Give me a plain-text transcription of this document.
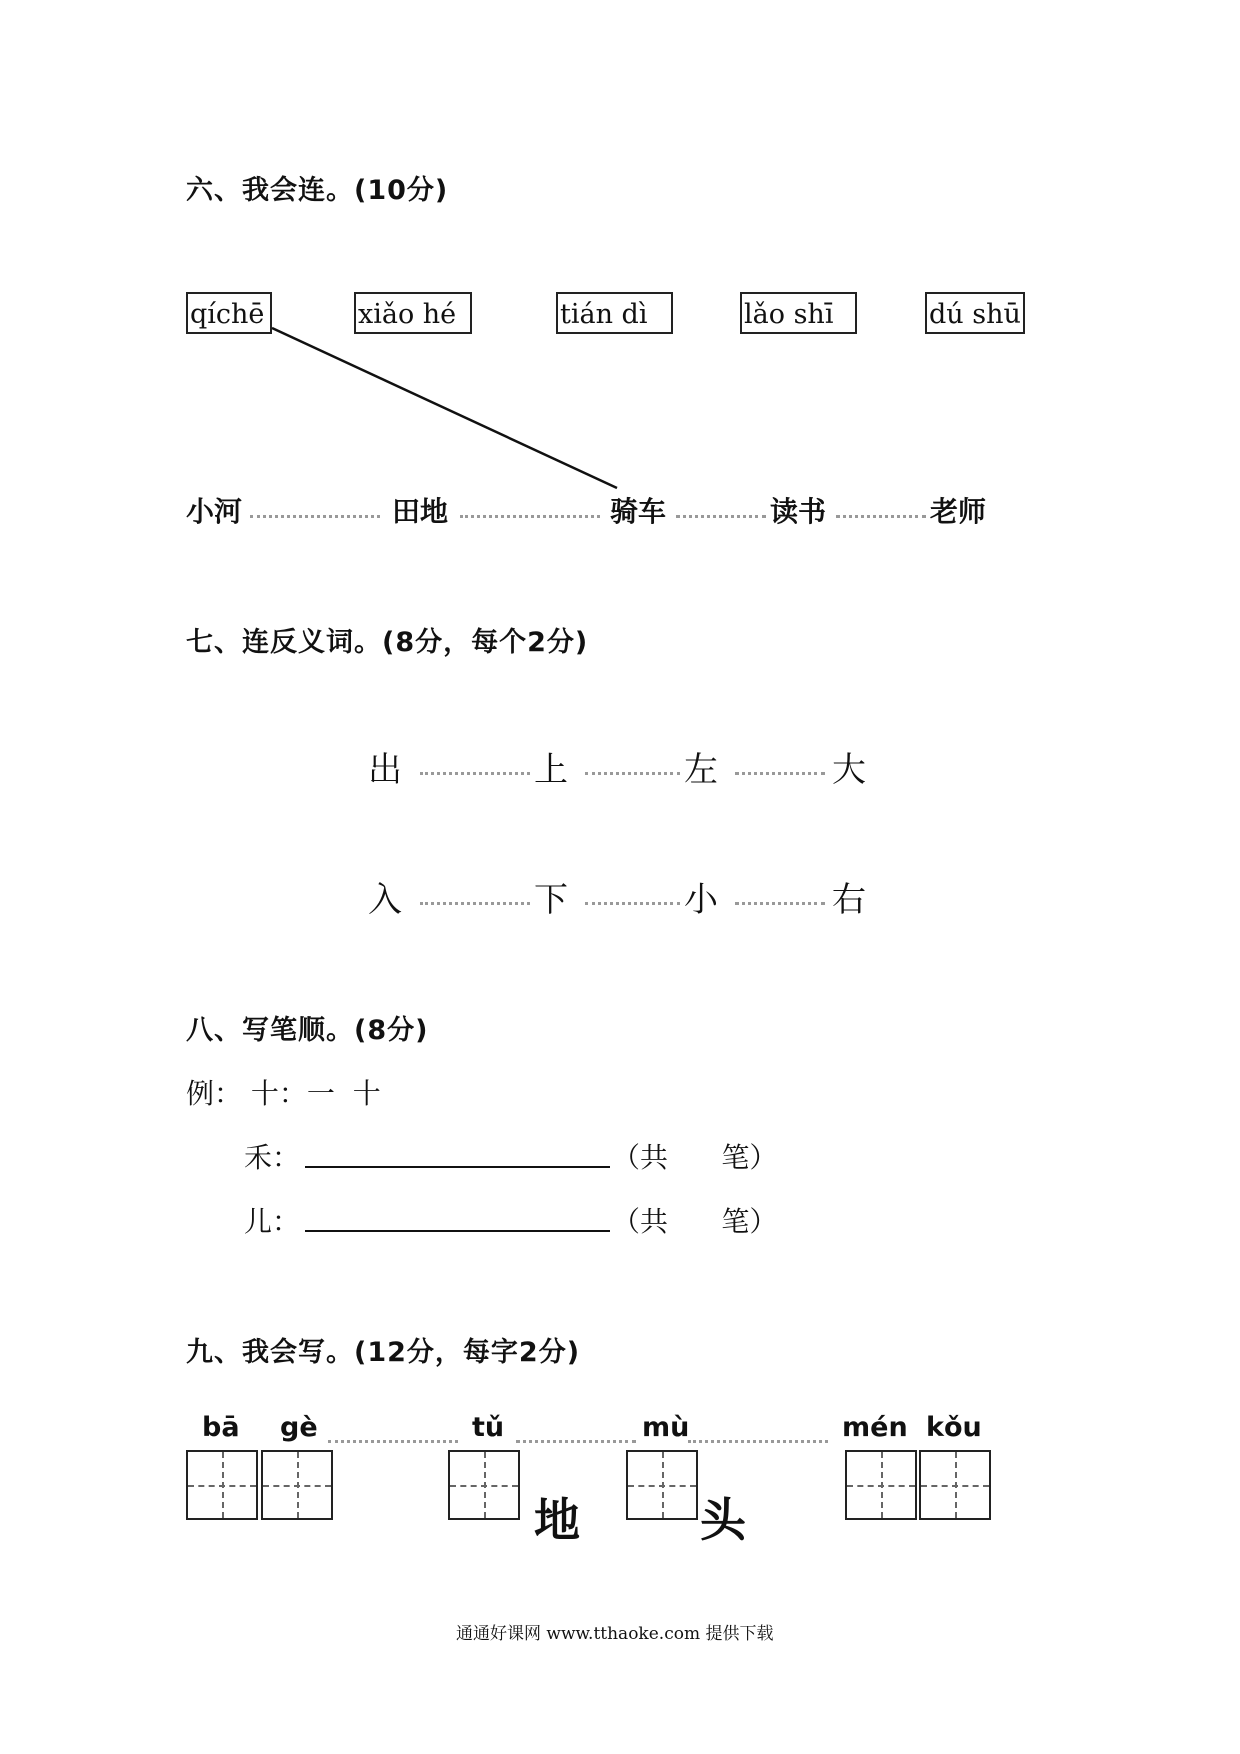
六、我会连。(10分)
qíchē	xiǎo hé	tián dì	lǎo shī	dú shū
小河	田地	骑车	读书	老师
七、连反义词。(8分，每个2分)
出	上	左	大
入	下	小	右
八、写笔顺。(8分)
例： 十：一  十
禾：	（共      笔）
儿：	（共      笔）
九、我会写。(12分，每字2分)
bā gè	tǔ	mù	mén kǒu
地	头
通通好课网 www.tthaoke.com 提供下载
